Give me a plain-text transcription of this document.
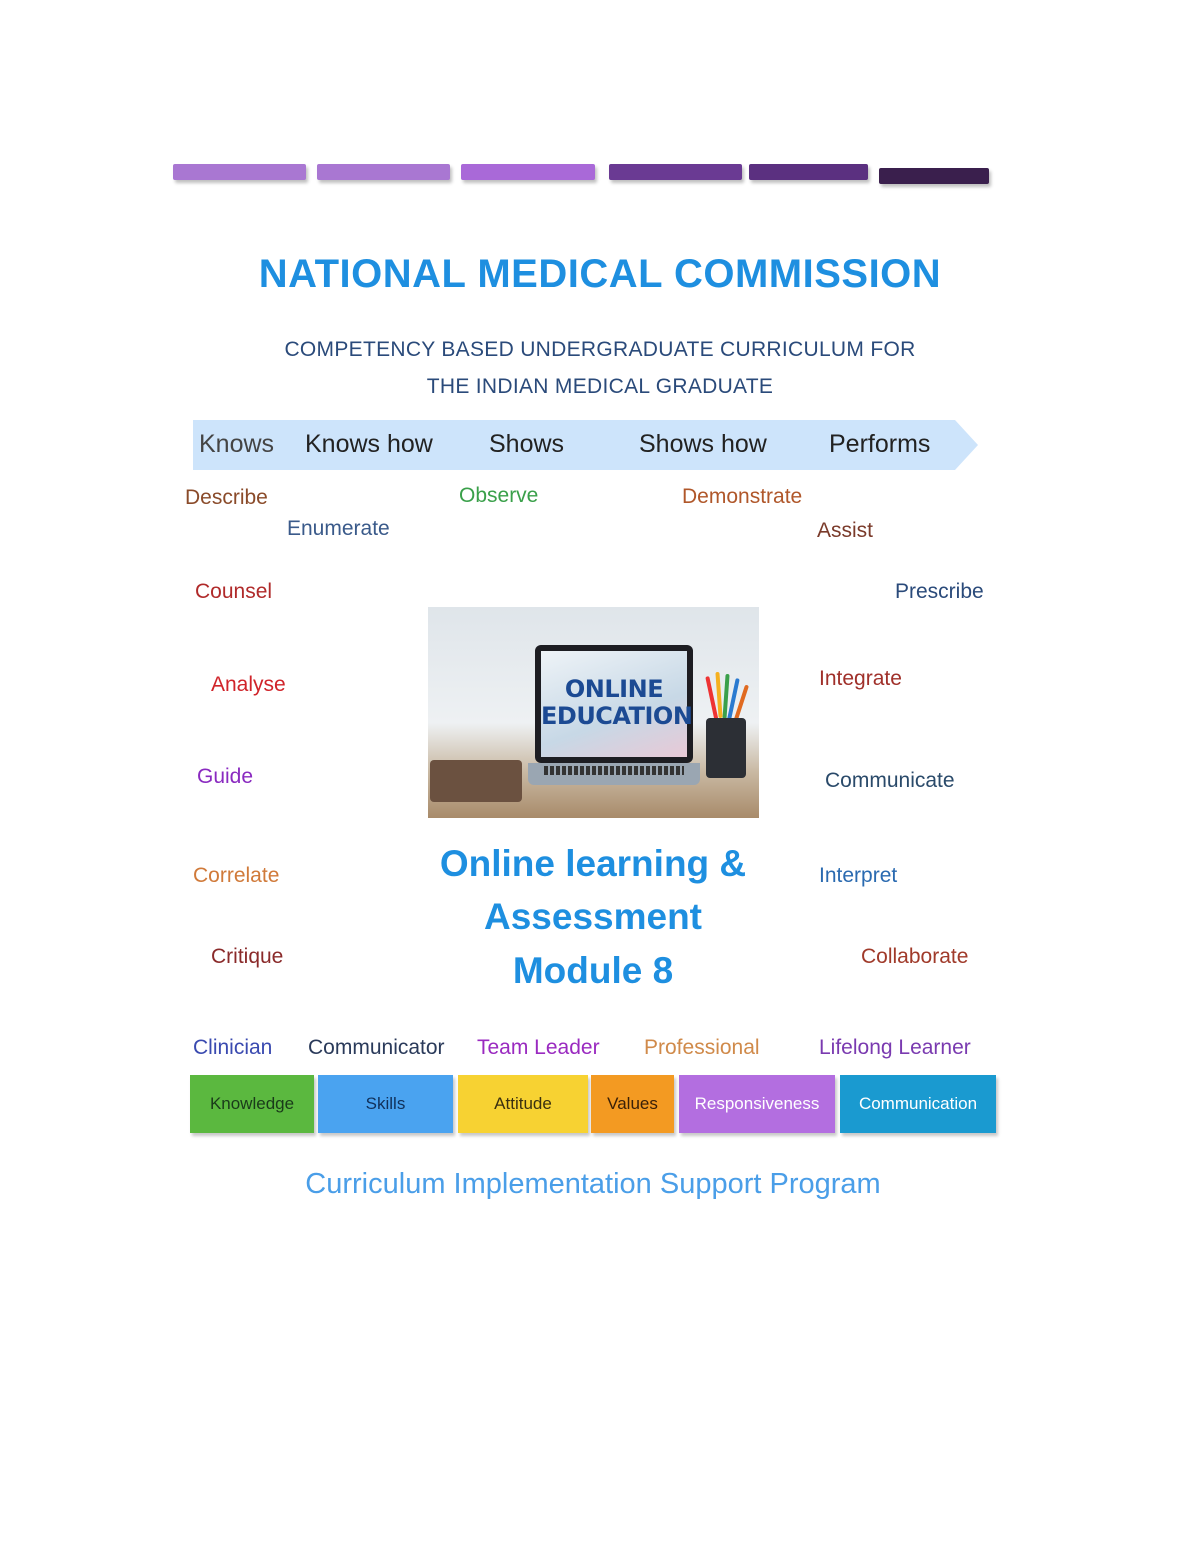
NATIONAL MEDICAL COMMISSION
COMPETENCY BASED UNDERGRADUATE CURRICULUM FOR
THE INDIAN MEDICAL GRADUATE
Knows Knows how Shows	Shows how Performs
Describe
Enumerate
Observe	Demonstrate
Assist
Counsel	Prescribe
Analyse	Integrate
Guide	Communicate
Correlate	Interpret
Critique	Collaborate
ONLINE
EDUCATION
Online learning &
Assessment
Module 8
Clinician Communicator Team Leader Professional	Lifelong Learner
Knowledge	Skills	Attitude	Values	Responsiveness	Communication
Curriculum Implementation Support Program
